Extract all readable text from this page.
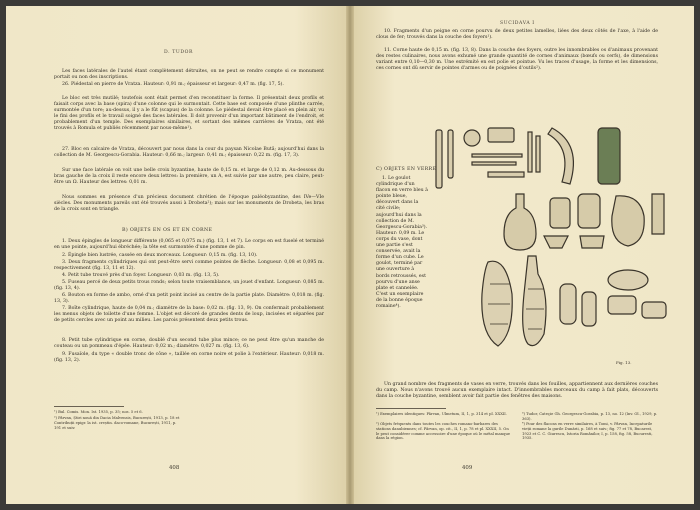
D. TUDOR

Les faces latérales de l'autel étant complètement détruites, on ne peut se rendre compte si ce monument portait ou non des inscriptions.

26. Piédestal en pierre de Vratza. Hauteur: 0,91 m.; épaisseur et largeur: 0,47 m. (fig. 17, 5).

Le bloc est très mutilé; toutefois sont était permet d'en reconstituer la forme. Il présentait deux profils et faisait corps avec la base (spira) d'une colonne qui le surmontait. Cette base est composée d'une plinthe carrée, surmontée d'un tore; au-dessus, il y a le fût (scapus) de la colonne. Le piédestal devait être placé en plein air, vu le fini des profils et le travail soigné des faces latérales. Il doit provenir d'un important bâtiment de l'endroit, et probablement d'un temple. Des exemplaires similaires, et sortant des mêmes carrières de Vratza, ont été trouvés à Romula et publiés récemment par nous-même¹).

27. Bloc en calcaire de Vratza, découvert par nous dans la cour du paysan Nicolae Bută; aujourd'hui dans la collection de M. Georgescu-Gorabia. Hauteur: 0,66 m.; largeur: 0,41 m.; épaisseur: 0,22 m. (fig. 17, 3).

Sur une face latérale on voit une belle croix byzantine, haute de 0,15 m. et large de 0,12 m. Au-dessous du bras gauche de la croix il reste encore deux lettres: la première, un A, est suivie par une autre, peu claire, peut-être un Ω. Hauteur des lettres: 0,01 m.

Nous sommes en présence d'un précieux document chrétien de l'époque paléobyzantine, des IVe—VIe siècles. Des monuments pareils ont été trouvés aussi à Drobeta²); mais sur les monuments de Drobeta, les bras de la croix sont en triangle.

B) OBJETS EN OS ET EN CORNE

1. Deux épingles de longueur différente (0,065 et 0,075 m.) (fig. 13, 1 et 7). Le corps en est fuselé et terminé en une pointe, aujourd'hui ébréchée; la tête est surmontée d'une pomme de pin.

2. Épingle bien lustrée, cassée en deux morceaux. Longueur: 0,15 m. (fig. 13, 10).

3. Deux fragments cylindriques qui ont peut-être servi comme pointes de flèche. Longueur: 0,08 et 0,095 m. respectivement (fig. 13, 11 et 12).

4. Petit tube trouvé près d'un foyer. Longueur: 0,03 m. (fig. 13, 5).

5. Fuseau percé de deux petits trous ronds; selon toute vraisemblance, un jouet d'enfant. Longueur: 0,085 m. (fig. 13, 4).

6. Bouton en forme de ambo, orné d'un petit point incisé au centre de la partie plate. Diamètre: 0,018 m. (fig. 13, 3).

7. Boîte cylindrique, haute de 0,04 m.; diamètre de la base: 0,02 m. (fig. 13, 9). On confermait probablement les menus objets de toilette d'une femme. L'objet est décoré de grandes dents de loup, incisées et séparées par de petits cercles avec un point au milieu. Les parois présentent deux petits trous.

8. Petit tube cylindrique en corne, doublé d'un second tube plus mince; ce ne peut être qu'un manche de couteau ou un pommeau d'épée. Hauteur: 0,02 m.; diamètre: 0,027 m. (fig. 13, 6).

9. Fusaïole, du type « double tronc de cône », taillée en corne noire et polie à l'extérieur. Hauteur: 0,018 m. (fig. 13, 2).

¹) Bul. Comis. Mon. Ist. 1935, p. 35; nos. 5 et 6.

²) Pârvan, Știri nouă din Dacia Malvensis, București, 1913, p. 18 et Contribuții epigr. la ist. creștin. daco-romane, București, 1911, p. 191 et suiv.

408
SUCIDAVA I

10. Fragments d'un peigne en corne pourvu de deux petites lamelles, liées des deux côtés de l'axe, à l'aide de clous de fer; trouvés dans la couche des foyers¹).

11. Corne haute de 0,15 m. (fig. 13, 8). Dans la couche des foyers, outre les innombrables os d'animaux provenant des restes culinaires, nous avons exhumé une grande quantité de cornes d'animaux (bœufs ou cerfs), de dimensions variant entre 0,10—0,30 m. Une extrémité en est polie et pointue. Vu les traces d'usage, la forme et les dimensions, ces cornes ont dû servir de pointes d'armes ou de poignées d'outils²).

C) OBJETS EN VERRE

1. Le goulot cylindrique d'un flacon en verre bleu à pointe bleue, découvert dans la cité civile; aujourd'hui dans la collection de M. Georgescu-Gorabia³). Hauteur: 0,09 m. Le corps du vase, dont une partie s'est conservée, avait la forme d'un cube. Le goulot, terminé par une ouverture à bords retroussés, est pourvu d'une anse plate et cannelée. C'est un exemplaire de la bonne époque romaine⁴).

Un grand nombre des fragments de vases en verre, trouvés dans les fouilles, appartiennent aux dernières couches du camp. Nous n'avons trouvé aucun exemplaire intact. D'innombrables morceaux du camp à fait plats, découverts dans la couche byzantine, semblent avoir fait partie des fenêtres des maisons.

Fig. 13.

¹) Exemplaires identiques: Pârvan, Ulmetum, II, 1, p. 314 et pl. XXXII.

²) Objets fréquents dans toutes les couches romano-barbares des stations danubiennes; cf. Pârvan, op. cit., II, 1, p. 78 et pl. XXXII, 5. On le peut considérer comme accessoire d'une époque où le métal manque dans la région.

³) Tudor, Cateçie Gh. Georgescu-Gorabia, p. 13, no. 12 (Inv. Ol., 1929, p. 363).

⁴) Pour des flacons en verre similaires, à Tomi, v. Pârvan, Incepaturile vieții romane la gurile Dunării, p. 168 et suiv.; fig. 77 et 78, Bucarest, 1923 et C. C. Giurescu, Istoria Românilor, I, p. 158, fig. 58, Bucuresti, 1935.

409
